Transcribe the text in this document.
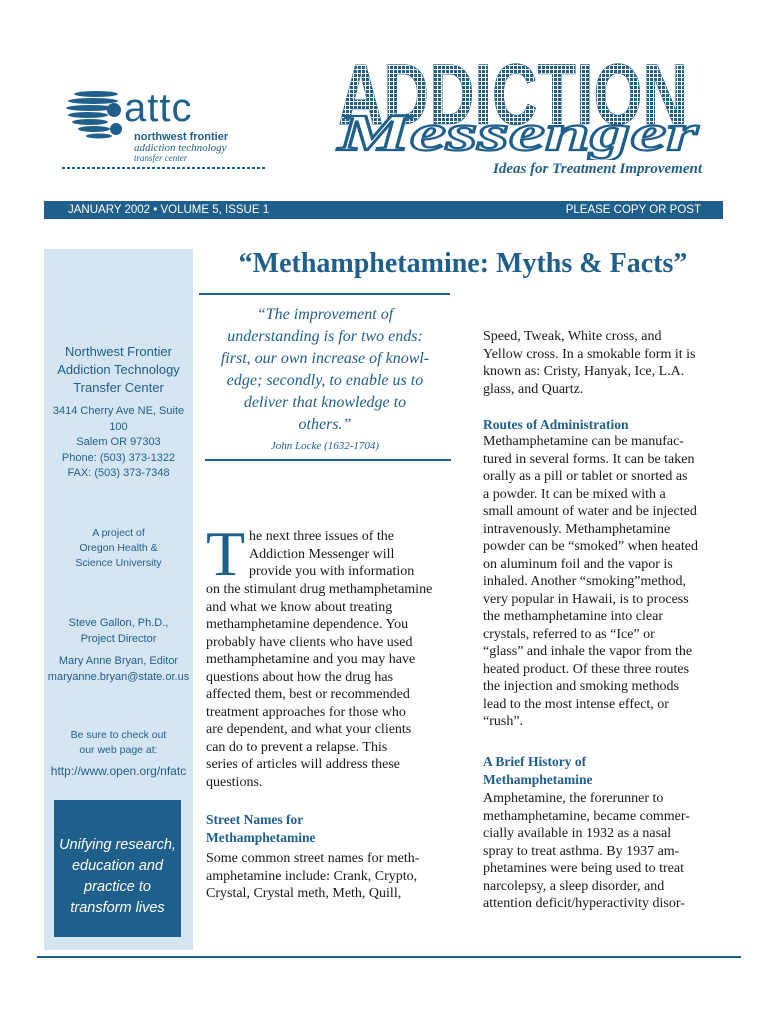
attc
northwest frontier
addiction technology
transfer center
ADDICTION
Messenger
Ideas for Treatment Improvement
JANUARY 2002 • VOLUME 5, ISSUE 1	PLEASE COPY OR POST
Northwest Frontier
Addiction Technology
Transfer Center
3414 Cherry Ave NE, Suite 100
Salem OR 97303
Phone: (503) 373-1322
FAX: (503) 373-7348
A project of
Oregon Health &
Science University
Steve Gallon, Ph.D.,
Project Director
Mary Anne Bryan, Editor
maryanne.bryan@state.or.us
Be sure to check out
our web page at:
http://www.open.org/nfatc
Unifying research,
education and
practice to
transform lives
“Methamphetamine: Myths & Facts”
“The improvement of
understanding is for two ends:
first, our own increase of knowl-
edge; secondly, to enable us to
deliver that knowledge to
others.”
John Locke (1632-1704)
T he next three issues of the
Addiction Messenger will
provide you with information
on the stimulant drug methamphetamine
and what we know about treating
methamphetamine dependence. You
probably have clients who have used
methamphetamine and you may have
questions about how the drug has
affected them, best or recommended
treatment approaches for those who
are dependent, and what your clients
can do to prevent a relapse. This
series of articles will address these
questions.
Street Names for
Methamphetamine
Some common street names for meth-
amphetamine include: Crank, Crypto,
Crystal, Crystal meth, Meth, Quill,
Speed, Tweak, White cross, and
Yellow cross. In a smokable form it is
known as: Cristy, Hanyak, Ice, L.A.
glass, and Quartz.
Routes of Administration
Methamphetamine can be manufac-
tured in several forms. It can be taken
orally as a pill or tablet or snorted as
a powder. It can be mixed with a
small amount of water and be injected
intravenously. Methamphetamine
powder can be “smoked” when heated
on aluminum foil and the vapor is
inhaled. Another “smoking”method,
very popular in Hawaii, is to process
the methamphetamine into clear
crystals, referred to as “Ice” or
“glass” and inhale the vapor from the
heated product. Of these three routes
the injection and smoking methods
lead to the most intense effect, or
“rush”.
A Brief History of
Methamphetamine
Amphetamine, the forerunner to
methamphetamine, became commer-
cially available in 1932 as a nasal
spray to treat asthma. By 1937 am-
phetamines were being used to treat
narcolepsy, a sleep disorder, and
attention deficit/hyperactivity disor-
